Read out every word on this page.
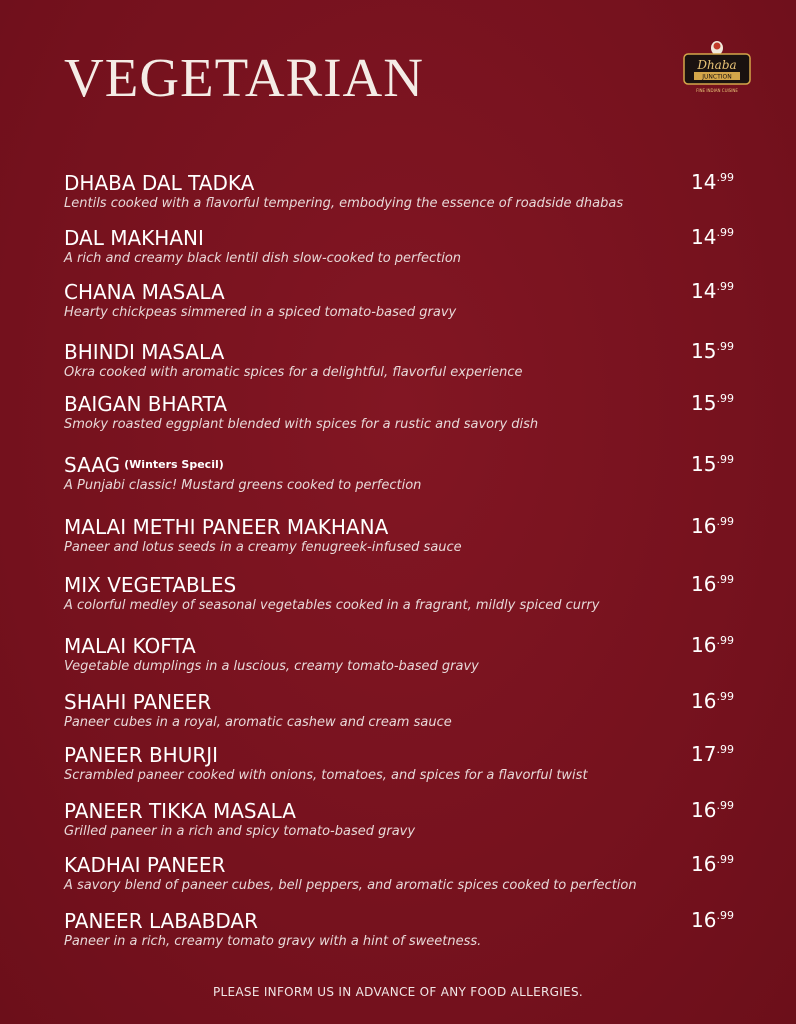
VEGETARIAN	Dhaba
JUNCTION
FINE INDIAN CUISINE
DHABA DAL TADKA
Lentils cooked with a flavorful tempering, embodying the essence of roadside dhabas
$14^{.99}$
DAL MAKHANI
A rich and creamy black lentil dish slow-cooked to perfection
$14^{.99}$
CHANA MASALA
Hearty chickpeas simmered in a spiced tomato-based gravy
$14^{.99}$
BHINDI MASALA
Okra cooked with aromatic spices for a delightful, flavorful experience
$15^{.99}$
BAIGAN BHARTA
Smoky roasted eggplant blended with spices for a rustic and savory dish
$15^{.99}$
SAAG $^{(Winters Specil)}$
A Punjabi classic! Mustard greens cooked to perfection
$15^{.99}$
MALAI METHI PANEER MAKHANA
Paneer and lotus seeds in a creamy fenugreek-infused sauce
$16^{.99}$
MIX VEGETABLES
A colorful medley of seasonal vegetables cooked in a fragrant, mildly spiced curry
$16^{.99}$
MALAI KOFTA
Vegetable dumplings in a luscious, creamy tomato-based gravy
$16^{.99}$
SHAHI PANEER
Paneer cubes in a royal, aromatic cashew and cream sauce
$16^{.99}$
PANEER BHURJI
Scrambled paneer cooked with onions, tomatoes, and spices for a flavorful twist
$17^{.99}$
PANEER TIKKA MASALA
Grilled paneer in a rich and spicy tomato-based gravy
$16^{.99}$
KADHAI PANEER
A savory blend of paneer cubes, bell peppers, and aromatic spices cooked to perfection
$16^{.99}$
PANEER LABABDAR
Paneer in a rich, creamy tomato gravy with a hint of sweetness.
$16^{.99}$
PLEASE INFORM US IN ADVANCE OF ANY FOOD ALLERGIES.
